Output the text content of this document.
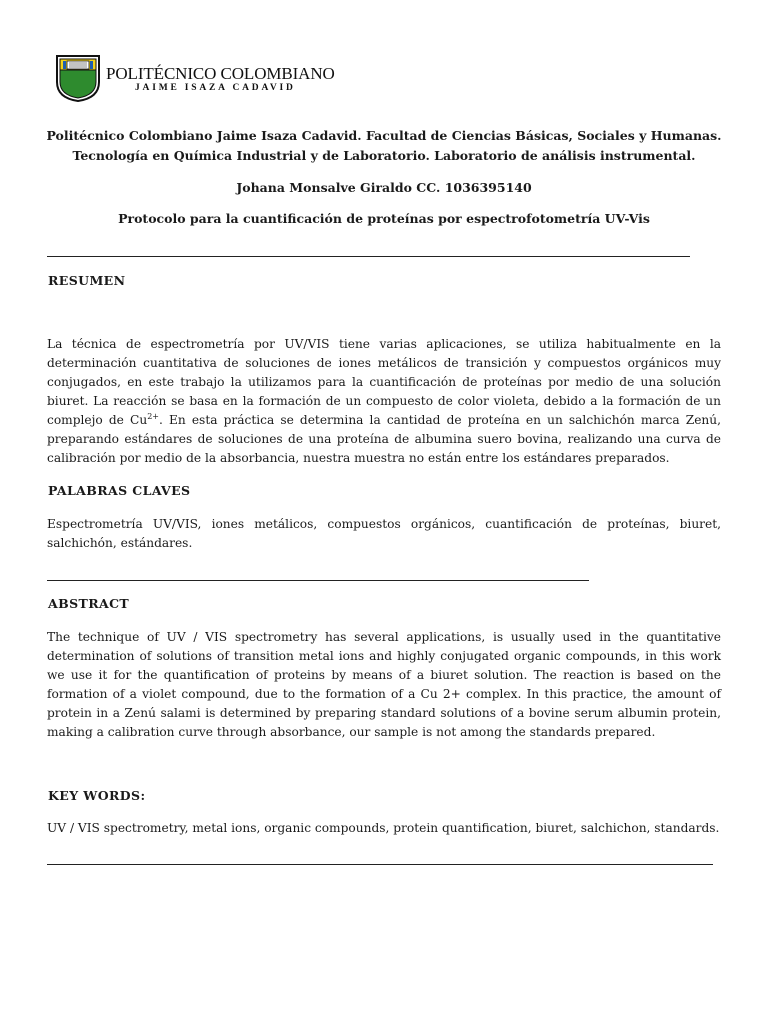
POLITÉCNICO COLOMBIANO
JAIME ISAZA CADAVID
Politécnico Colombiano Jaime Isaza Cadavid. Facultad de Ciencias Básicas, Sociales y Humanas.
Tecnología en Química Industrial y de Laboratorio. Laboratorio de análisis instrumental.
Johana Monsalve Giraldo CC. 1036395140
Protocolo para la cuantificación de proteínas por espectrofotometría UV-Vis
RESUMEN

La técnica de espectrometría por UV/VIS tiene varias aplicaciones, se utiliza habitualmente en la determinación cuantitativa de soluciones de iones metálicos de transición y compuestos orgánicos muy conjugados, en este trabajo la utilizamos para la cuantificación de proteínas por medio de una solución biuret. La reacción se basa en la formación de un compuesto de color violeta, debido a la formación de un complejo de $Cu^{2+}$. En esta práctica se determina la cantidad de proteína en un salchichón marca Zenú, preparando estándares de soluciones de una proteína de albumina suero bovina, realizando una curva de calibración por medio de la absorbancia, nuestra muestra no están entre los estándares preparados.

PALABRAS CLAVES

Espectrometría UV/VIS, iones metálicos, compuestos orgánicos, cuantificación de proteínas, biuret, salchichón, estándares.

ABSTRACT

The technique of UV / VIS spectrometry has several applications, is usually used in the quantitative determination of solutions of transition metal ions and highly conjugated organic compounds, in this work we use it for the quantification of proteins by means of a biuret solution. The reaction is based on the formation of a violet compound, due to the formation of a Cu 2+ complex. In this practice, the amount of protein in a Zenú salami is determined by preparing standard solutions of a bovine serum albumin protein, making a calibration curve through absorbance, our sample is not among the standards prepared.

KEY WORDS:

UV / VIS spectrometry, metal ions, organic compounds, protein quantification, biuret, salchichon, standards.
